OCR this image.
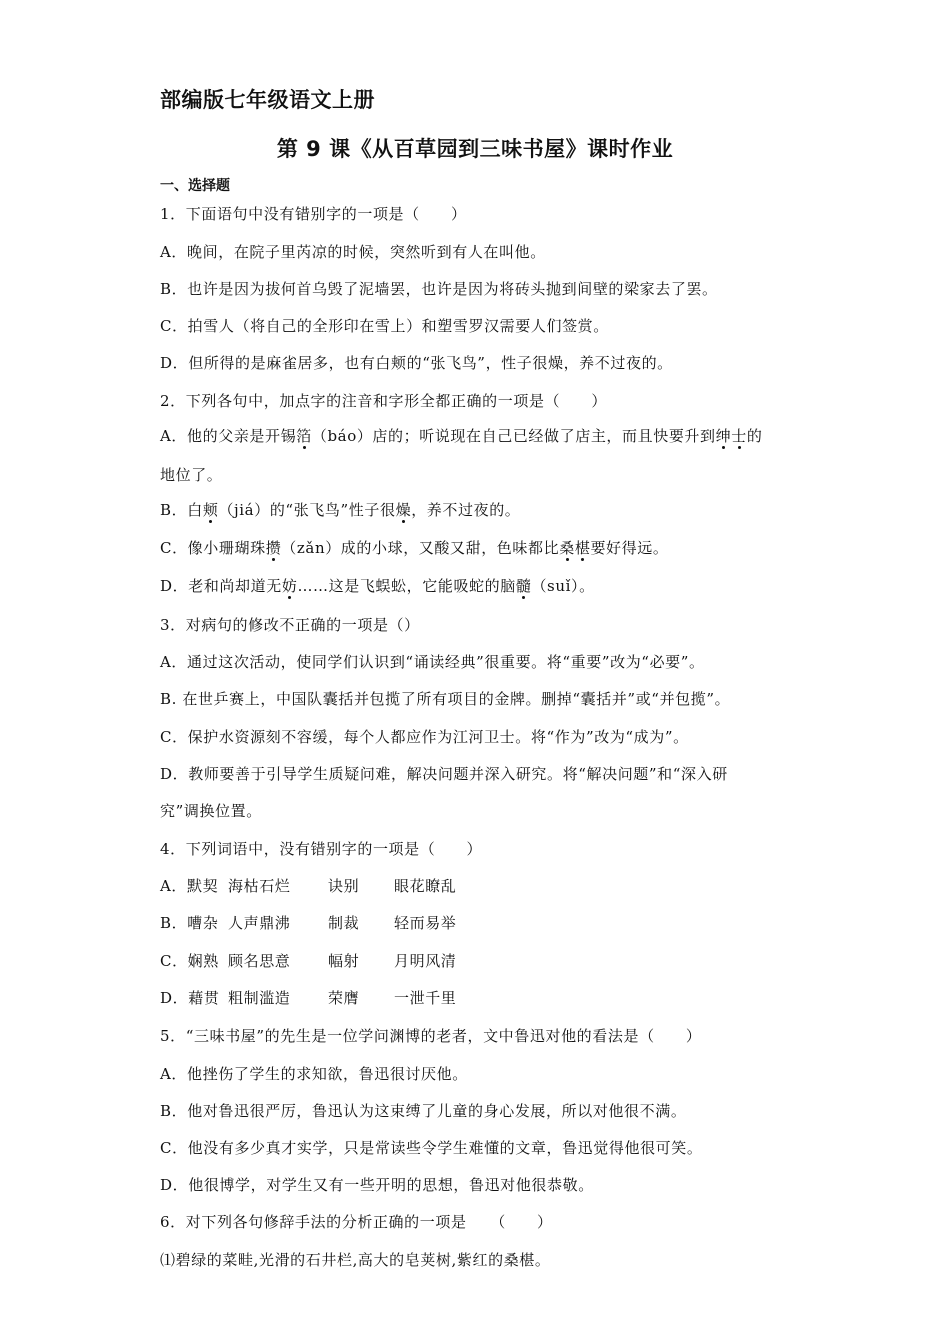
部编版七年级语文上册
第 9 课《从百草园到三味书屋》课时作业
一、选择题
1．下面语句中没有错别字的一项是（　　）
A．晚间，在院子里芮凉的时候，突然听到有人在叫他。
B．也许是因为拔何首乌毁了泥墙罢，也许是因为将砖头抛到间壁的梁家去了罢。
C．拍雪人（将自己的全形印在雪上）和塑雪罗汉需要人们签赏。
D．但所得的是麻雀居多，也有白颊的“张飞鸟”，性子很燥，养不过夜的。
2．下列各句中，加点字的注音和字形全都正确的一项是（　　）
A．他的父亲是开锡箔（báo）店的；听说现在自己已经做了店主，而且快要升到绅士的
地位了。
B．白颊（jiá）的“张飞鸟”性子很燥，养不过夜的。
C．像小珊瑚珠攒（zǎn）成的小球，又酸又甜，色味都比桑椹要好得远。
D．老和尚却道无妨……这是飞蜈蚣，它能吸蛇的脑髓（suǐ）。
3．对病句的修改不正确的一项是（）
A．通过这次活动，使同学们认识到“诵读经典”很重要。将“重要”改为“必要”。
B. 在世乒赛上，中国队囊括并包揽了所有项目的金牌。删掉“囊括并”或“并包揽”。
C．保护水资源刻不容缓，每个人都应作为江河卫士。将“作为”改为“成为”。
D．教师要善于引导学生质疑问难，解决问题并深入研究。将“解决问题”和“深入研
究”调换位置。
4．下列词语中，没有错别字的一项是（　　）
A．默契 海枯石烂	诀别 眼花瞭乱
B．嘈杂 人声鼎沸	制裁 轻而易举
C．娴熟 顾名思意	幅射 月明风清
D．藉贯 粗制滥造	荣膺 一泄千里
5．“三味书屋”的先生是一位学问渊博的老者，文中鲁迅对他的看法是（　　）
A．他挫伤了学生的求知欲，鲁迅很讨厌他。
B．他对鲁迅很严厉，鲁迅认为这束缚了儿童的身心发展，所以对他很不满。
C．他没有多少真才实学，只是常读些令学生难懂的文章，鲁迅觉得他很可笑。
D．他很博学，对学生又有一些开明的思想，鲁迅对他很恭敬。
6．对下列各句修辞手法的分析正确的一项是　　（　　）
⑴碧绿的菜畦,光滑的石井栏,高大的皂荚树,紫红的桑椹。
